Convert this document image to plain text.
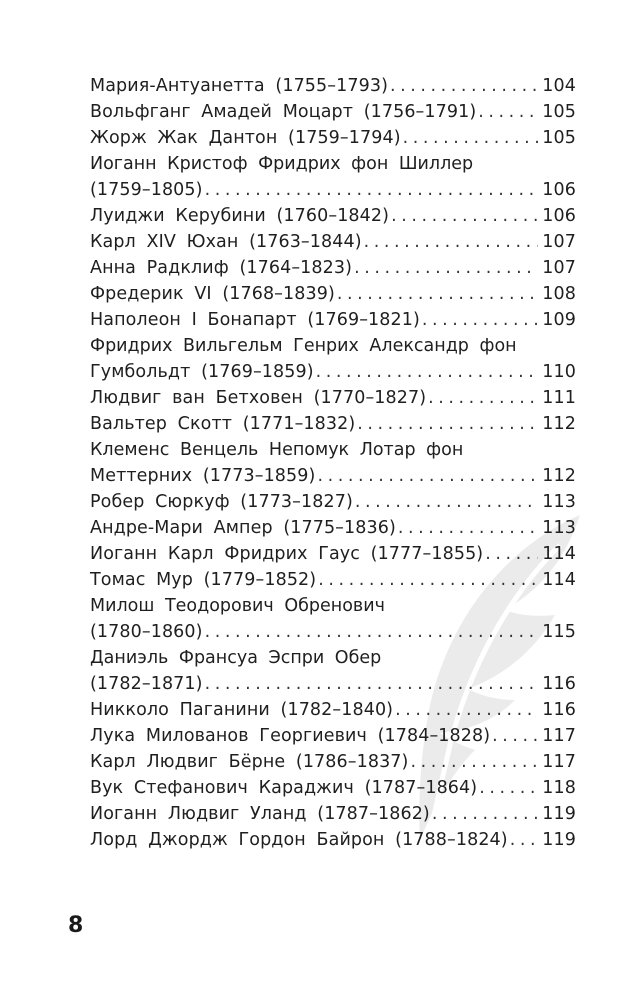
Мария-Антуанетта (1755–1793) . . .	104
Вольфганг Амадей Моцарт (1756–1791) . . .	105
Жорж Жак Дантон (1759–1794) . . .	105
Иоганн Кристоф Фридрих фон Шиллер
(1759–1805) . . .	106
Луиджи Керубини (1760–1842) . . .	106
Карл XIV Юхан (1763–1844) . . .	107
Анна Радклиф (1764–1823) . . .	107
Фредерик VI (1768–1839) . . .	108
Наполеон I Бонапарт (1769–1821) . . .	109
Фридрих Вильгельм Генрих Александр фон
Гумбольдт (1769–1859) . . .	110
Людвиг ван Бетховен (1770–1827) . . .	111
Вальтер Скотт (1771–1832) . . .	112
Клеменс Венцель Непомук Лотар фон
Меттерних (1773–1859) . . .	112
Робер Сюркуф (1773–1827) . . .	113
Андре-Мари Ампер (1775–1836) . . .	113
Иоганн Карл Фридрих Гаус (1777–1855) . . .	114
Томас Мур (1779–1852) . . .	114
Милош Теодорович Обренович
(1780–1860) . . .	115
Даниэль Франсуа Эспри Обер
(1782–1871) . . .	116
Никколо Паганини (1782–1840) . . .	116
Лука Милованов Георгиевич (1784–1828) . . .	117
Карл Людвиг Бёрне (1786–1837) . . .	117
Вук Стефанович Караджич (1787–1864) . . .	118
Иоганн Людвиг Уланд (1787–1862) . . .	119
Лорд Джордж Гордон Байрон (1788–1824) . . . 119
8
